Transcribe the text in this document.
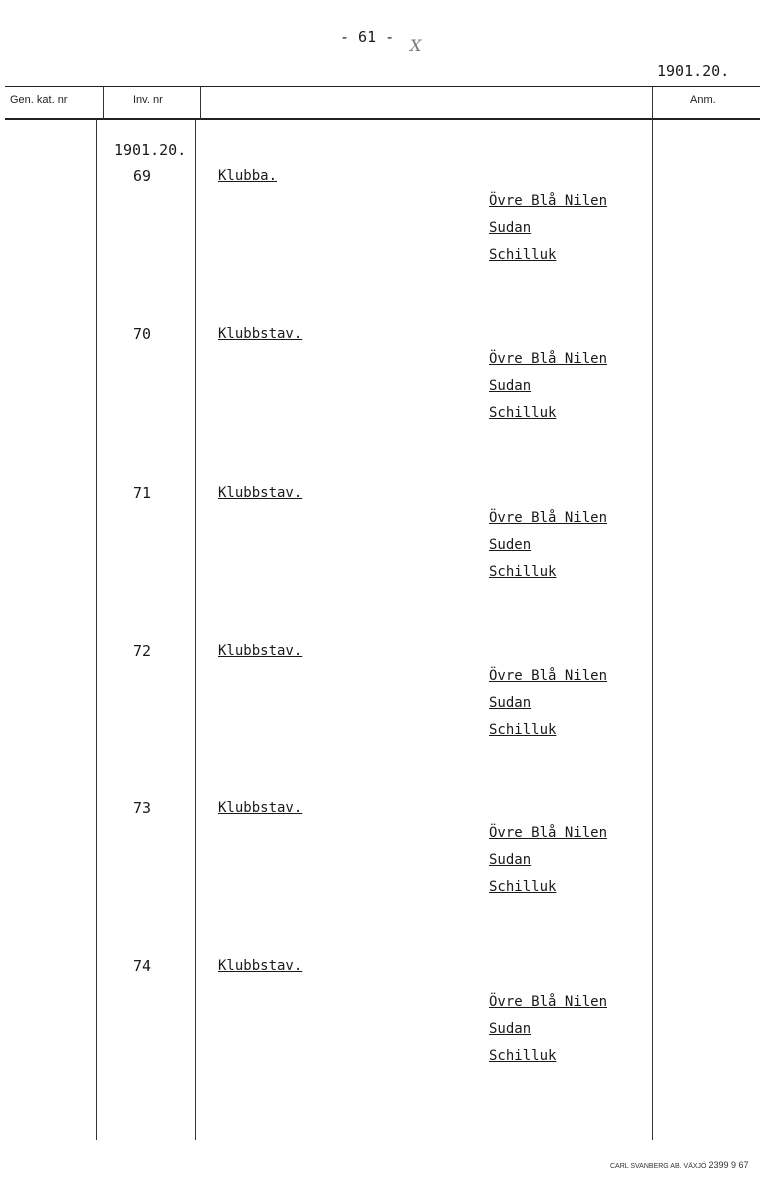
- 61 - X
1901.20.
Gen. kat. nr	Inv. nr	Anm.
1901.20.
69	Klubba.
Övre Blå Nilen
Sudan
Schilluk
70	Klubbstav.
Övre Blå Nilen
Sudan
Schilluk
71	Klubbstav.
Övre Blå Nilen
Suden
Schilluk
72	Klubbstav.
Övre Blå Nilen
Sudan
Schilluk
73	Klubbstav.
Övre Blå Nilen
Sudan
Schilluk
74	Klubbstav.
Övre Blå Nilen
Sudan
Schilluk
CARL SVANBERG AB. VÄXJÖ 2399 9 67
